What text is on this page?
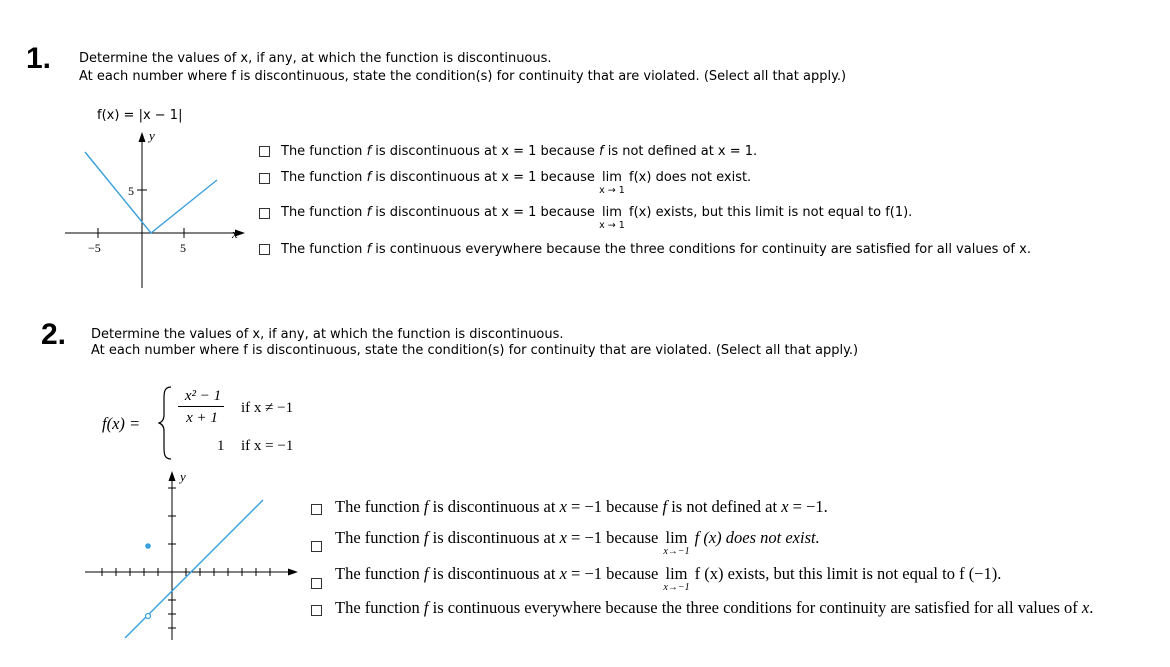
1. Determine the values of x, if any, at which the function is discontinuous.
At each number where f is discontinuous, state the condition(s) for continuity that are violated. (Select all that apply.)
f(x) = |x − 1|
y
x
5
−5	5
The function f is discontinuous at x = 1 because f is not defined at x = 1.
The function f is discontinuous at x = 1 because lim
x → 1
f(x) does not exist.
The function f is discontinuous at x = 1 because lim
x → 1
f(x) exists, but this limit is not equal to f(1).
The function f is continuous everywhere because the three conditions for continuity are satisfied for all values of x.
2. Determine the values of x, if any, at which the function is discontinuous.
At each number where f is discontinuous, state the condition(s) for continuity that are violated. (Select all that apply.)
f(x) =
x² − 1
x + 1
if x ≠ −1
1 if x = −1
y
The function f is discontinuous at x = −1 because f is not defined at x = −1.
The function f is discontinuous at x = −1 because lim
x→−1
f (x) does not exist.
The function f is discontinuous at x = −1 because lim
x→−1
f (x) exists, but this limit is not equal to f (−1).
The function f is continuous everywhere because the three conditions for continuity are satisfied for all values of x.
